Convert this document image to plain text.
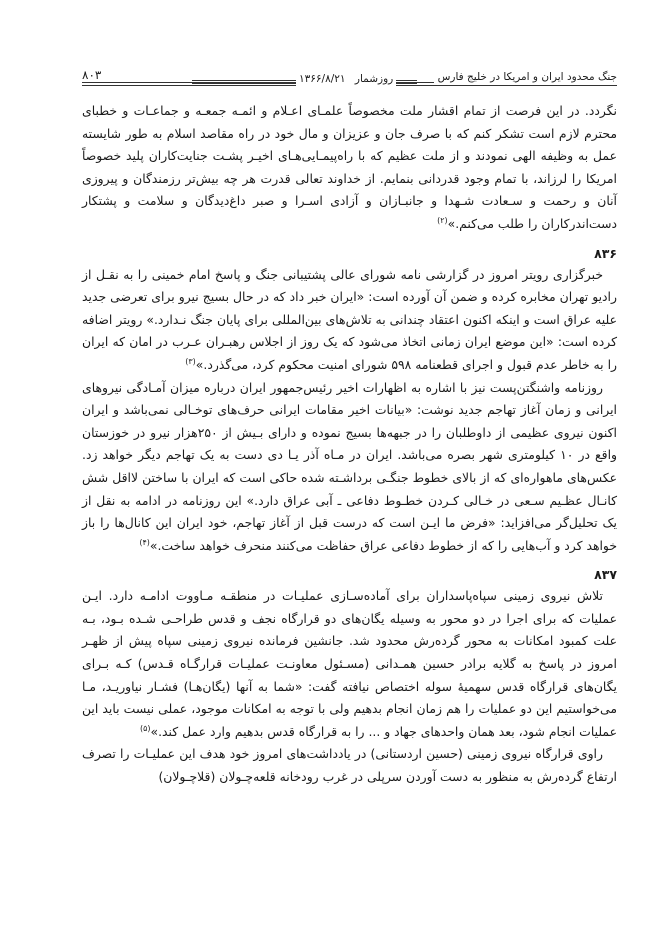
جنگ محدود ایران و امریکا در خلیج فارس
روزشمار ۱۳۶۶/۸/۲۱
۸۰۳

نگردد. در این فرصت از تمام اقشار ملت مخصوصاً علمـای اعـلام و ائمـه جمعـه و جماعـات و خطبای محترم لازم است تشکر کنم که با صرف جان و عزیزان و مال خود در راه مقاصد اسلام به طور شایسته عمل به وظیفه الهی نمودند و از ملت عظیم که با راه‌پیمـایی‌هـای اخیـر پشـت جنایت‌کاران پلید خصوصاً امریکا را لرزاند، با تمام وجود قدردانی بنمایم. از خداوند تعالی قدرت هر چه بیش‌تر رزمندگان و پیروزی آنان و رحمت و سـعادت شـهدا و جانبـازان و آزادی اسـرا و صبر داغ‌دیدگان و سلامت و پشتکار دست‌اندرکاران را طلب می‌کنم.»$^{(۲)}$

۸۳۶

خبرگزاری رویتر امروز در گزارشی نامه شورای عالی پشتیبانی جنگ و پاسخ امام خمینی را به نقـل از رادیو تهران مخابره کرده و ضمن آن آورده است: «ایران خبر داد که در حال بسیج نیرو برای تعرضی جدید علیه عراق است و اینکه اکنون اعتقاد چندانی به تلاش‌های بین‌المللی برای پایان جنگ نـدارد.» رویتر اضافه کرده است: «این موضع ایران زمانی اتخاذ می‌شود که یک روز از اجلاس رهبـران عـرب در امان که ایران را به خاطر عدم قبول و اجرای قطعنامه ۵۹۸ شورای امنیت محکوم کرد، می‌گذرد.»$^{(۳)}$

روزنامه واشنگتن‌پست نیز با اشاره به اظهارات اخیر رئیس‌جمهور ایران درباره میزان آمـادگی نیروهای ایرانی و زمان آغاز تهاجم جدید نوشت: «بیانات اخیر مقامات ایرانی حرف‌های توخـالی نمی‌باشد و ایران اکنون نیروی عظیمی از داوطلبان را در جبهه‌ها بسیج نموده و دارای بـیش از ۲۵۰هزار نیرو در خوزستان واقع در ۱۰ کیلومتری شهر بصره می‌باشد. ایران در مـاه آذر یـا دی دست به یک تهاجم دیگر خواهد زد. عکس‌های ماهواره‌ای که از بالای خطوط جنگـی برداشـته شده حاکی است که ایران با ساختن لااقل شش کانـال عظـیم سـعی در خـالی کـردن خطـوط دفاعی ـ آبی عراق دارد.» این روزنامه در ادامه به نقل از یک تحلیل‌گر می‌افزاید: «فرض ما ایـن است که درست قبل از آغاز تهاجم، خود ایران این کانال‌ها را باز خواهد کرد و آب‌هایی را که از خطوط دفاعی عراق حفاظت می‌کنند منحرف خواهد ساخت.»$^{(۴)}$

۸۳۷

تلاش نیروی زمینی سپاه‌پاسداران برای آماده‌سـازی عملیـات در منطقـه مـاووت ادامـه دارد. ایـن عملیات که برای اجرا در دو محور به وسیله یگان‌های دو قرارگاه نجف و قدس طراحـی شـده بـود، بـه علت کمبود امکانات به محور گرده‌رش محدود شد. جانشین فرمانده نیروی زمینی سپاه پیش از ظهـر امروز در پاسخ به گلایه برادر حسین همـدانی (مسـئول معاونـت عملیـات قرارگـاه قـدس) کـه بـرای یگان‌های قرارگاه قدس سهمیهٔ سوله اختصاص نیافته گفت: «شما به آنها (یگان‌هـا) فشـار نیاوریـد، مـا می‌خواستیم این دو عملیات را هم زمان انجام بدهیم ولی با توجه به امکانات موجود، عملی نیست باید این عملیات انجام شود، بعد همان واحدهای جهاد و ... را به قرارگاه قدس بدهیم وارد عمل کند.»$^{(۵)}$

راوی قرارگاه نیروی زمینی (حسین اردستانی) در یادداشت‌های امروز خود هدف این عملیـات را تصرف ارتفاع گرده‌رش به منظور به دست آوردن سرپلی در غرب رودخانه قلعه‌چـولان (قلاچـولان)
